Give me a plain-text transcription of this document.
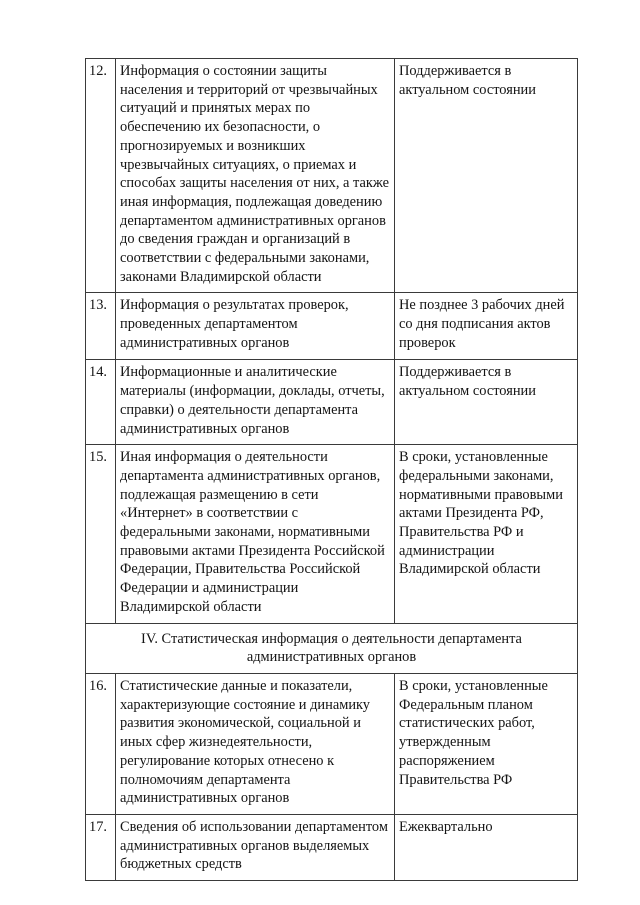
12.	Информация о состоянии защиты населения и территорий от чрезвычайных ситуаций и принятых мерах по обеспечению их безопасности, о прогнозируемых и возникших чрезвычайных ситуациях, о приемах и способах защиты населения от них, а также иная информация, подлежащая доведению департаментом административных органов до сведения граждан и организаций в соответствии с федеральными законами, законами Владимирской области	Поддерживается в актуальном состоянии
13.	Информация о результатах проверок, проведенных департаментом административных органов	Не позднее 3 рабочих дней со дня подписания актов проверок
14.	Информационные и аналитические материалы (информации, доклады, отчеты, справки) о деятельности департамента административных органов	Поддерживается в актуальном состоянии
15.	Иная информация о деятельности департамента административных органов, подлежащая размещению в сети «Интернет» в соответствии с федеральными законами, нормативными правовыми актами Президента Российской Федерации, Правительства Российской Федерации и администрации Владимирской области	В сроки, установленные федеральными законами, нормативными правовыми актами Президента РФ, Правительства РФ и администрации Владимирской области
IV. Статистическая информация о деятельности департамента административных органов		
16.	Статистические данные и показатели, характеризующие состояние и динамику развития экономической, социальной и иных сфер жизнедеятельности, регулирование которых отнесено к полномочиям департамента административных органов	В сроки, установленные Федеральным планом статистических работ, утвержденным распоряжением Правительства РФ
17.	Сведения об использовании департаментом административных органов выделяемых бюджетных средств	Ежеквартально
